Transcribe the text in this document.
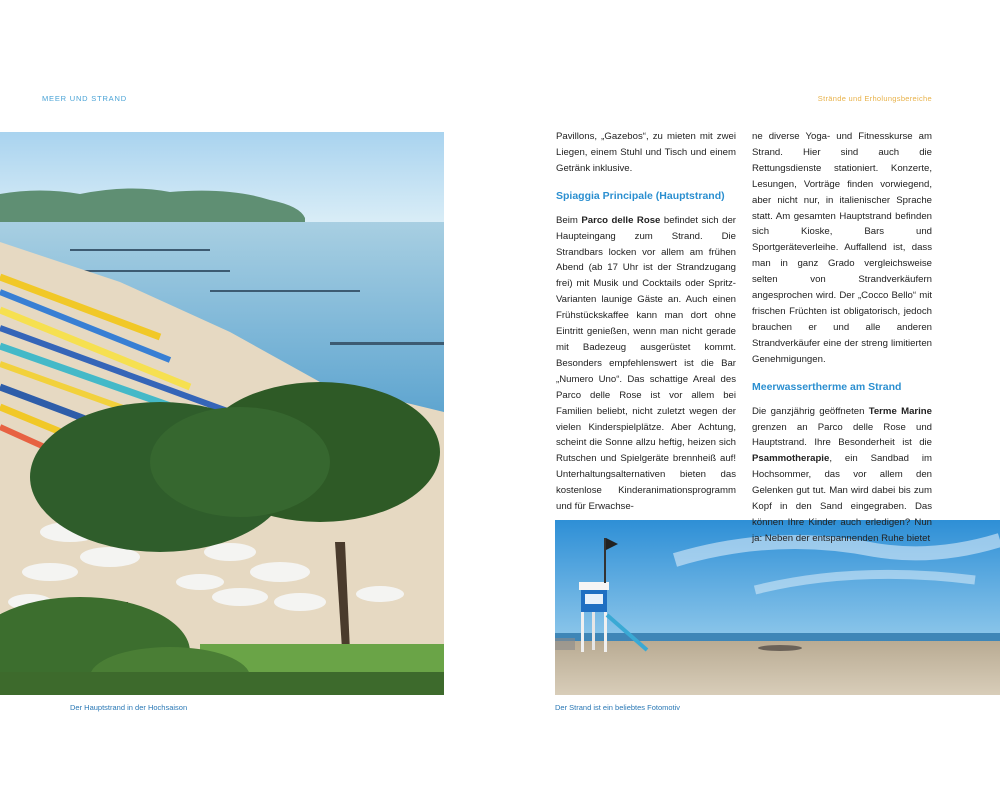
MEER UND STRAND	Strände und Erholungsbereiche
Der Hauptstrand in der Hochsaison	Der Strand ist ein beliebtes Fotomotiv

Pavillons, „Gazebos“, zu mieten mit zwei Liegen, einem Stuhl und Tisch und einem Getränk inklusive.

Spiaggia Principale (Hauptstrand)

Beim Parco delle Rose befindet sich der Haupteingang zum Strand. Die Strandbars locken vor allem am frühen Abend (ab 17 Uhr ist der Strandzugang frei) mit Musik und Cocktails oder Spritz-Varianten launige Gäste an. Auch einen Frühstückskaffee kann man dort ohne Eintritt genießen, wenn man nicht gerade mit Badezeug ausgerüstet kommt. Besonders empfehlenswert ist die Bar „Numero Uno“. Das schattige Areal des Parco delle Rose ist vor allem bei Familien beliebt, nicht zuletzt wegen der vielen Kinderspielplätze. Aber Achtung, scheint die Sonne allzu heftig, heizen sich Rutschen und Spielgeräte brennheiß auf! Unterhaltungsalternativen bieten das kostenlose Kinderanimationsprogramm und für Erwachse-

ne diverse Yoga- und Fitnesskurse am Strand. Hier sind auch die Rettungsdienste stationiert. Konzerte, Lesungen, Vorträge finden vorwiegend, aber nicht nur, in italienischer Sprache statt. Am gesamten Hauptstrand befinden sich Kioske, Bars und Sportgeräteverleihe. Auffallend ist, dass man in ganz Grado vergleichsweise selten von Strandverkäufern angesprochen wird. Der „Cocco Bello“ mit frischen Früchten ist obligatorisch, jedoch brauchen er und alle anderen Strandverkäufer eine der streng limitierten Genehmigungen.

Meerwassertherme am Strand

Die ganzjährig geöffneten Terme Marine grenzen an Parco delle Rose und Hauptstrand. Ihre Besonderheit ist die Psammotherapie, ein Sandbad im Hochsommer, das vor allem den Gelenken gut tut. Man wird dabei bis zum Kopf in den Sand eingegraben. Das können Ihre Kinder auch erledigen? Nun ja: Neben der entspannenden Ruhe bietet
